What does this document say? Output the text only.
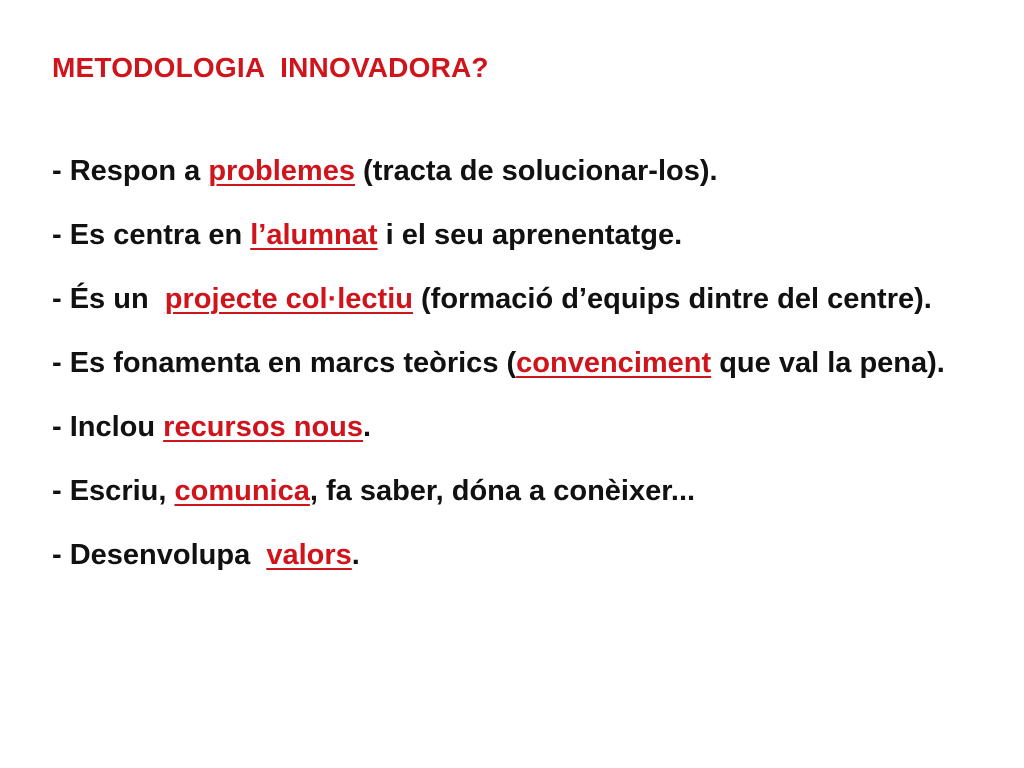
METODOLOGIA  INNOVADORA?
- Respon a problemes (tracta de solucionar-los).
- Es centra en l’alumnat i el seu aprenentatge.
- És un  projecte col·lectiu (formació d’equips dintre del centre).
- Es fonamenta en marcs teòrics (convenciment que val la pena).
- Inclou recursos nous.
- Escriu, comunica, fa saber, dóna a conèixer...
- Desenvolupa  valors.
